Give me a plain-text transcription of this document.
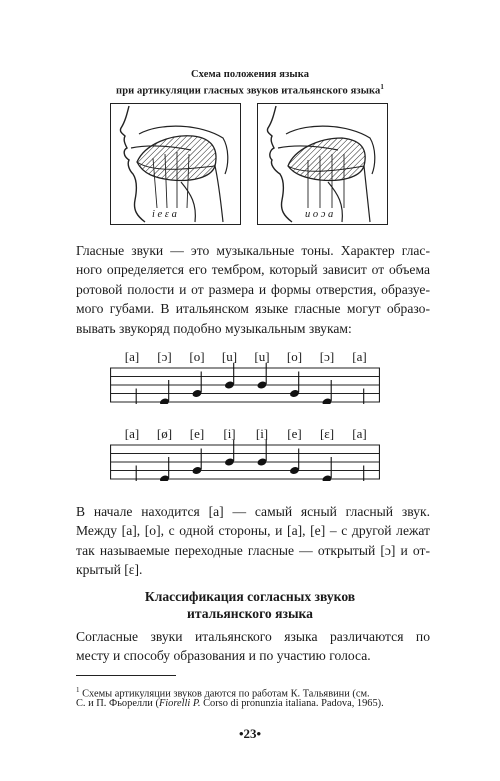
Схема положения языка
при артикуляции гласных звуков итальянского языка$^1$
i e ɛ a	u o ɔ a
Гласные звуки — это музыкальные тоны. Характер глас-
ного определяется его тембром, который зависит от объема
ротовой полости и от размера и формы отверстия, образуе-
мого губами. В итальянском языке гласные могут образо-
вывать звукоряд подобно музыкальным звукам:
[a] [ɔ] [o] [u] [u] [o] [ɔ] [a]
[a] [ø] [e] [i] [i] [e] [ɛ] [a]
В начале находится [а] — самый ясный гласный звук.
Между [а], [о], с одной стороны, и [а], [е] – с другой лежат
так называемые переходные гласные — открытый [ɔ] и от-
крытый [ɛ].
Классификация согласных звуков
итальянского языка
Согласные звуки итальянского языка различаются по
месту и способу образования и по участию голоса.
$^1$ Схемы артикуляции звуков даются по работам К. Тальявини (см.
С. и П. Фьорелли (Fiorelli P. Corso di pronunzia italiana. Padova, 1965).
•23•
